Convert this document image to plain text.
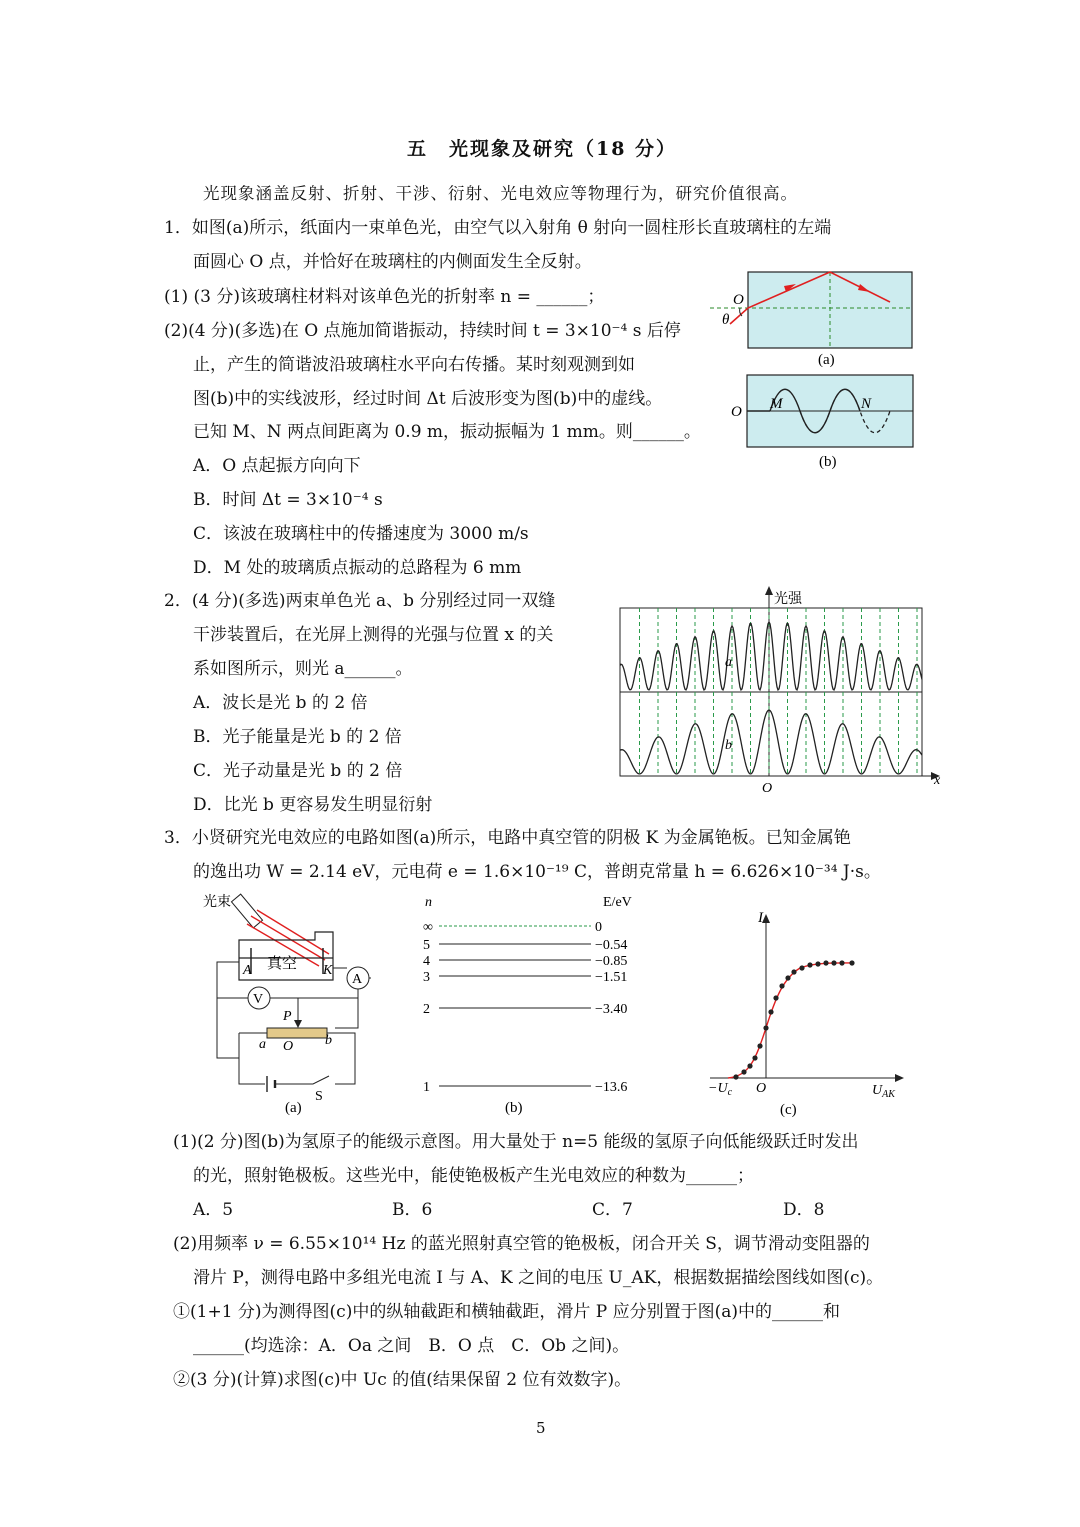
五　光现象及研究（18 分）
光现象涵盖反射、折射、干涉、衍射、光电效应等物理行为，研究价值很高。
1．如图(a)所示，纸面内一束单色光，由空气以入射角 θ 射向一圆柱形长直玻璃柱的左端
面圆心 O 点，并恰好在玻璃柱的内侧面发生全反射。
(1) (3 分)该玻璃柱材料对该单色光的折射率 n = ______；
(2)(4 分)(多选)在 O 点施加简谐振动，持续时间 t = 3×10⁻⁴ s 后停
止，产生的简谐波沿玻璃柱水平向右传播。某时刻观测到如
图(b)中的实线波形，经过时间 Δt 后波形变为图(b)中的虚线。
已知 M、N 两点间距离为 0.9 m，振动振幅为 1 mm。则______。
A．O 点起振方向向下
B．时间 Δt = 3×10⁻⁴ s
C．该波在玻璃柱中的传播速度为 3000 m/s
D．M 处的玻璃质点振动的总路程为 6 mm
O
θ
(a)
O M	N
(b)
2．(4 分)(多选)两束单色光 a、b 分别经过同一双缝
干涉装置后，在光屏上测得的光强与位置 x 的关
系如图所示，则光 a______。
A．波长是光 b 的 2 倍
B．光子能量是光 b 的 2 倍
C．光子动量是光 b 的 2 倍
D．比光 b 更容易发生明显衍射
光强
x
O
a
b
3．小贤研究光电效应的电路如图(a)所示，电路中真空管的阴极 K 为金属铯板。已知金属铯
的逸出功 W = 2.14 eV，元电荷 e = 1.6×10⁻¹⁹ C，普朗克常量 h = 6.626×10⁻³⁴ J·s。
光束
A 真空 K
A
V
P
a O b
S
(a)
n	E/eV
∞	0
5	−0.54
4	−0.85
3	−1.51
2	−3.40
1	−13.6
(b)
I
$-U_c$ O	$U_{AK}$
(c)
(1)(2 分)图(b)为氢原子的能级示意图。用大量处于 n=5 能级的氢原子向低能级跃迁时发出
的光，照射铯极板。这些光中，能使铯极板产生光电效应的种数为______；
A．5	B．6	C．7	D．8
(2)用频率 ν = 6.55×10¹⁴ Hz 的蓝光照射真空管的铯极板，闭合开关 S，调节滑动变阻器的
滑片 P，测得电路中多组光电流 I 与 A、K 之间的电压 U_AK，根据数据描绘图线如图(c)。
①(1+1 分)为测得图(c)中的纵轴截距和横轴截距，滑片 P 应分别置于图(a)中的______和
______(均选涂：A．Oa 之间　B．O 点　C．Ob 之间)。
②(3 分)(计算)求图(c)中 Uc 的值(结果保留 2 位有效数字)。
5
